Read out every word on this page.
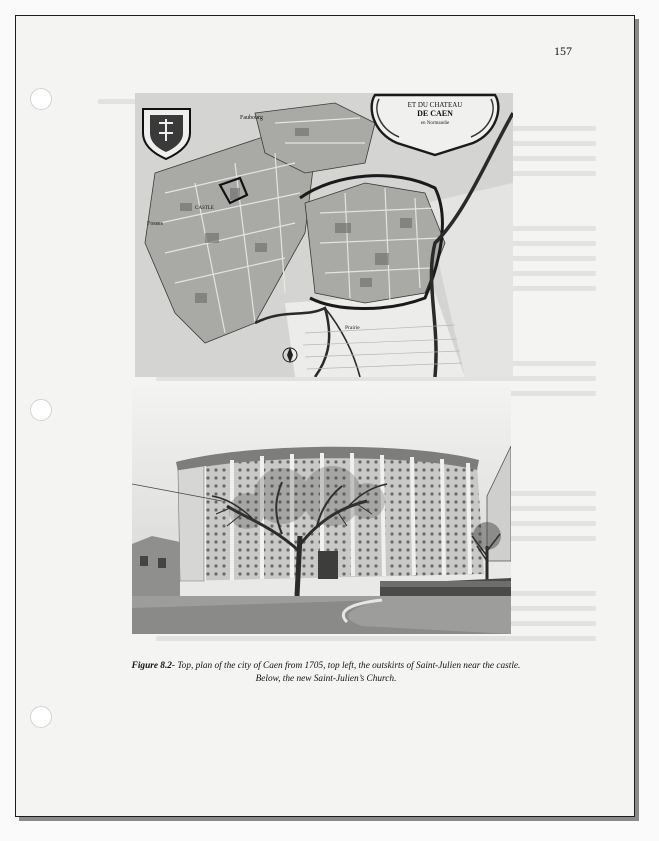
157
ET DU CHATEAU
DE CAEN
en Normandie
Faubourg
CASTLE
Fosses
Prairie
Figure 8.2- Top, plan of the city of Caen from 1705, top left, the outskirts of Saint-Julien near the castle.
Below, the new Saint-Julien’s Church.
